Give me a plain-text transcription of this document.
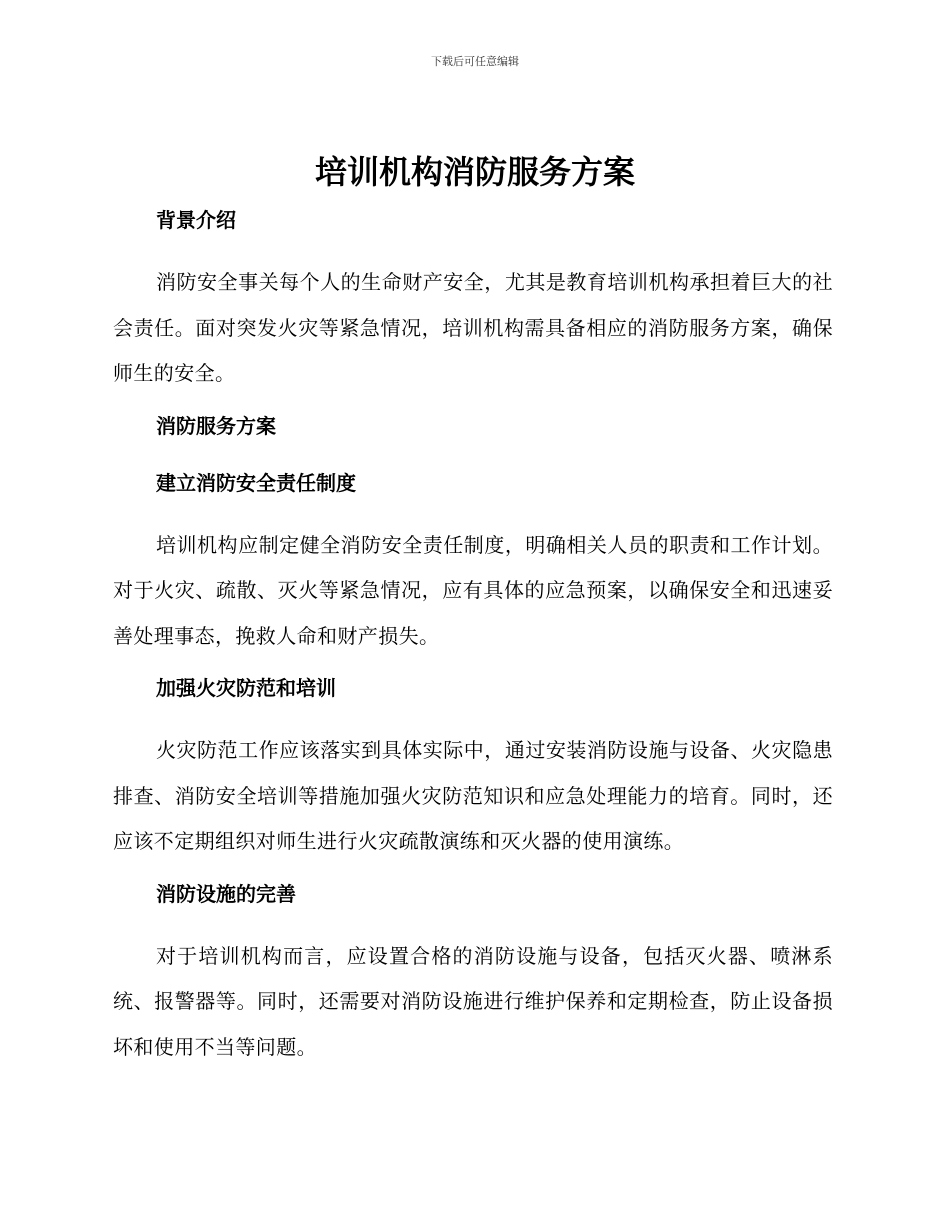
下载后可任意编辑
培训机构消防服务方案
背景介绍

消防安全事关每个人的生命财产安全，尤其是教育培训机构承担着巨大的社会责任。面对突发火灾等紧急情况，培训机构需具备相应的消防服务方案，确保师生的安全。

消防服务方案
建立消防安全责任制度

培训机构应制定健全消防安全责任制度，明确相关人员的职责和工作计划。对于火灾、疏散、灭火等紧急情况，应有具体的应急预案，以确保安全和迅速妥善处理事态，挽救人命和财产损失。

加强火灾防范和培训

火灾防范工作应该落实到具体实际中，通过安装消防设施与设备、火灾隐患排查、消防安全培训等措施加强火灾防范知识和应急处理能力的培育。同时，还应该不定期组织对师生进行火灾疏散演练和灭火器的使用演练。

消防设施的完善

对于培训机构而言，应设置合格的消防设施与设备，包括灭火器、喷淋系统、报警器等。同时，还需要对消防设施进行维护保养和定期检查，防止设备损坏和使用不当等问题。
